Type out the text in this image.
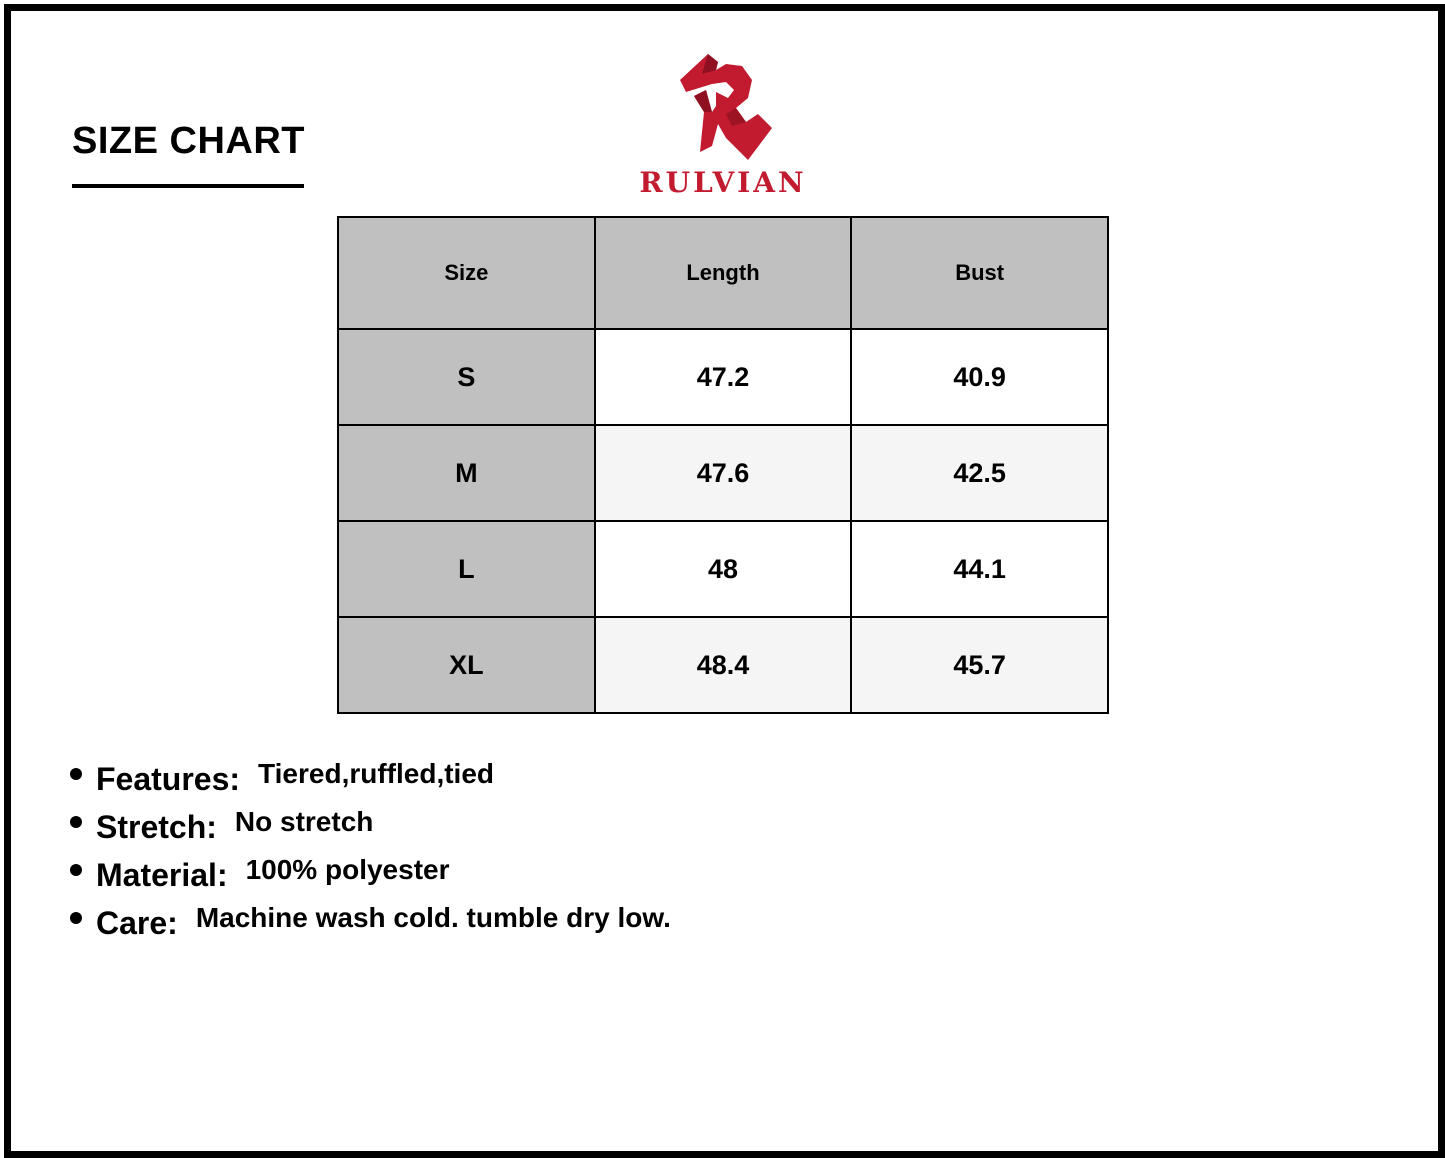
SIZE CHART
RULVIAN
Size	Length	Bust
S	47.2	40.9
M	47.6	42.5
L	48	44.1
XL	48.4	45.7
Features: Tiered,ruffled,tied
Stretch: No stretch
Material: 100% polyester
Care: Machine wash cold. tumble dry low.
